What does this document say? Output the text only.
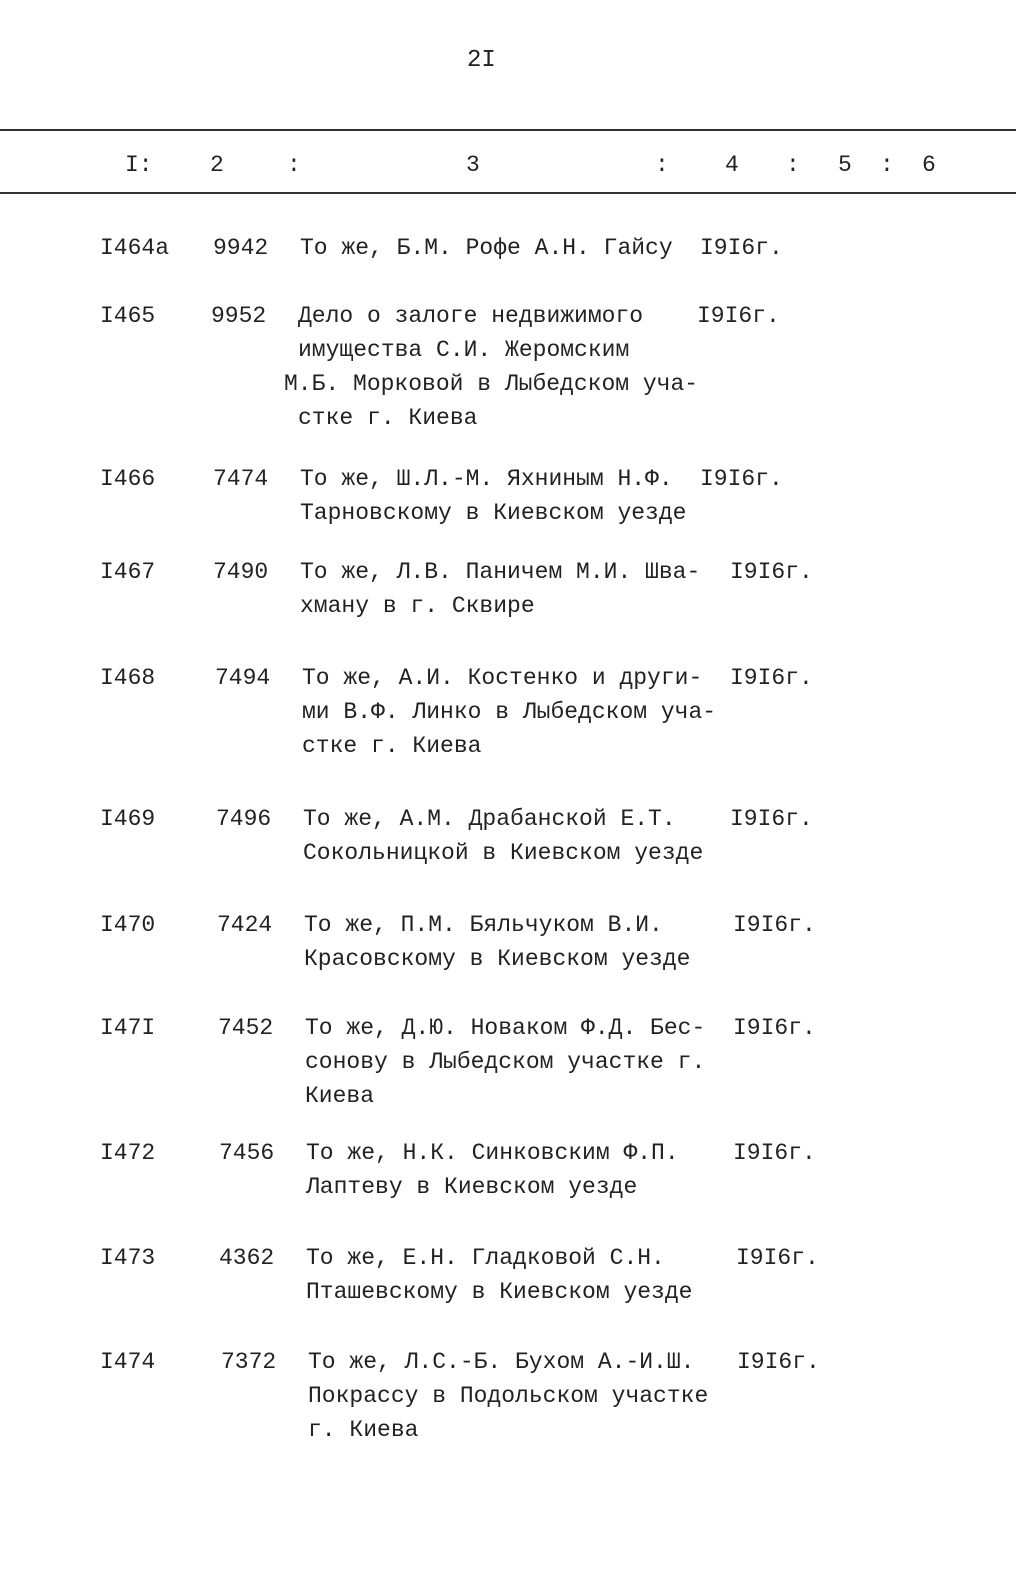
2I
I: 2	:	3	: 4 : 5 : 6
I464а 9942 То же, Б.М. Рофе А.Н. Гайсу I9I6г.
I465 9952 Дело о залоге недвижимого
имущества С.И. Жеромским
М.Б. Морковой в Лыбедском уча-
стке г. Киева
I9I6г.
I466	7474 То же, Ш.Л.-М. Яхниным Н.Ф.
Тарновскому в Киевском уезде
I9I6г.
I467	7490 То же, Л.В. Паничем М.И. Шва-
хману в г. Сквире
I9I6г.
I468	7494 То же, А.И. Костенко и други-
ми В.Ф. Линко в Лыбедском уча-
стке г. Киева
I9I6г.
I469	7496 То же, А.М. Драбанской Е.Т.
Сокольницкой в Киевском уезде
I9I6г.
I470	7424 То же, П.М. Бяльчуком В.И.
Красовскому в Киевском уезде
I9I6г.
I47I	7452 То же, Д.Ю. Новаком Ф.Д. Бес-
сонову в Лыбедском участке г.
Киева
I9I6г.
I472	7456 То же, Н.К. Синковским Ф.П.
Лаптеву в Киевском уезде
I9I6г.
I473	4362 То же, Е.Н. Гладковой С.Н.
Пташевскому в Киевском уезде
I9I6г.
I474	7372 То же, Л.С.-Б. Бухом А.-И.Ш.
Покрассу в Подольском участке
г. Киева
I9I6г.
